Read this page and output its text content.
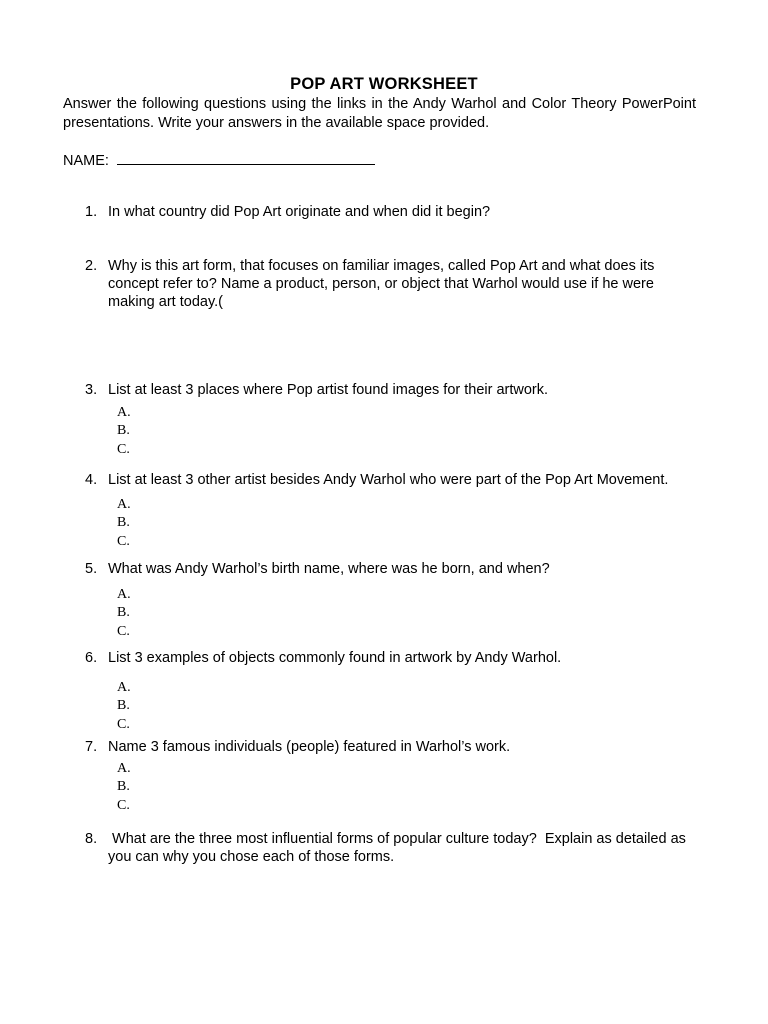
POP ART WORKSHEET
Answer the following questions using the links in the Andy Warhol and Color Theory PowerPoint presentations. Write your answers in the available space provided.
NAME:
1. In what country did Pop Art originate and when did it begin?
2. Why is this art form, that focuses on familiar images, called Pop Art and what does its concept refer to? Name a product, person, or object that Warhol would use if he were making art today.(
3. List at least 3 places where Pop artist found images for their artwork.
A.
B.
C.
4. List at least 3 other artist besides Andy Warhol who were part of the Pop Art Movement.
A.
B.
C.
5. What was Andy Warhol’s birth name, where was he born, and when?
A.
B.
C.
6. List 3 examples of objects commonly found in artwork by Andy Warhol.
A.
B.
C.
7. Name 3 famous individuals (people) featured in Warhol’s work.
A.
B.
C.
8. What are the three most influential forms of popular culture today?  Explain as detailed as you can why you chose each of those forms.
